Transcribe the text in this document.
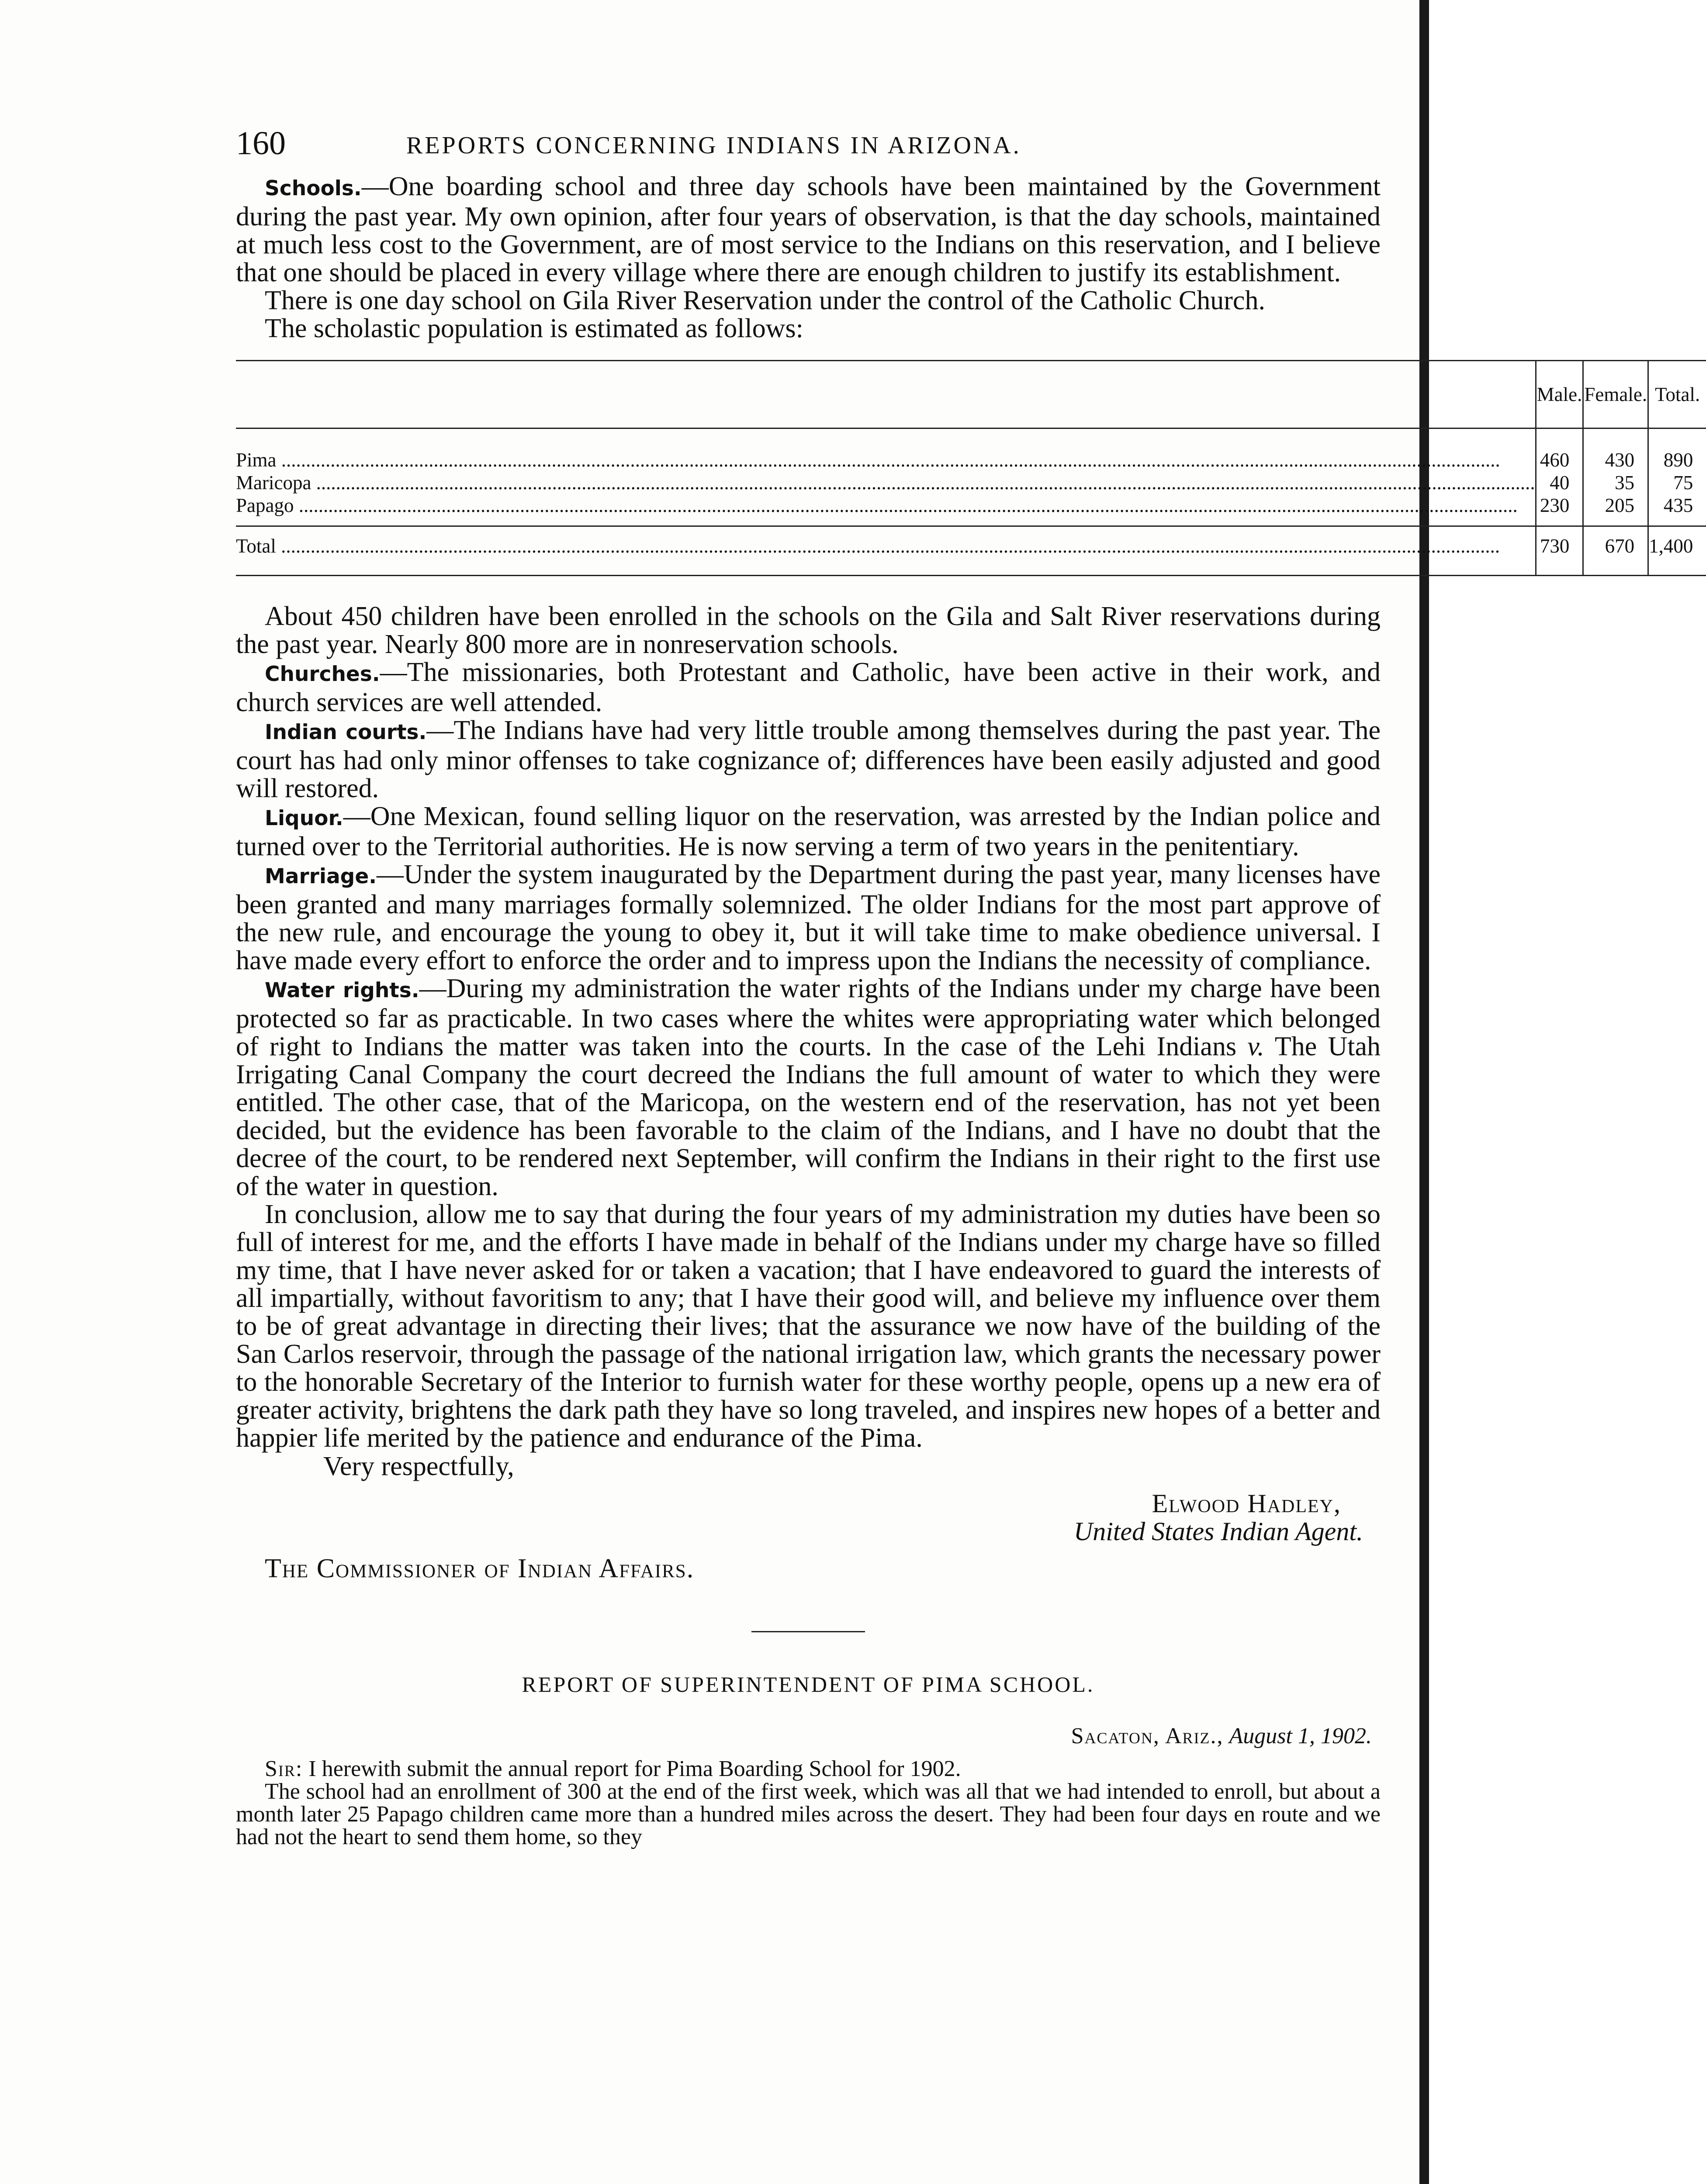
160	REPORTS CONCERNING INDIANS IN ARIZONA.

Schools.—One boarding school and three day schools have been maintained by the Government during the past year. My own opinion, after four years of observation, is that the day schools, maintained at much less cost to the Government, are of most service to the Indians on this reservation, and I believe that one should be placed in every village where there are enough children to justify its establishment.

There is one day school on Gila River Reservation under the control of the Catholic Church.

The scholastic population is estimated as follows:

	Male.	Female.	Total.
Pima .....	460	430	890
Maricopa .....	40	35	75
Papago .....	230	205	435
Total .....	730	670	1,400

About 450 children have been enrolled in the schools on the Gila and Salt River reservations during the past year. Nearly 800 more are in nonreservation schools.

Churches.—The missionaries, both Protestant and Catholic, have been active in their work, and church services are well attended.

Indian courts.—The Indians have had very little trouble among themselves during the past year. The court has had only minor offenses to take cognizance of; differences have been easily adjusted and good will restored.

Liquor.—One Mexican, found selling liquor on the reservation, was arrested by the Indian police and turned over to the Territorial authorities. He is now serving a term of two years in the penitentiary.

Marriage.—Under the system inaugurated by the Department during the past year, many licenses have been granted and many marriages formally solemnized. The older Indians for the most part approve of the new rule, and encourage the young to obey it, but it will take time to make obedience universal. I have made every effort to enforce the order and to impress upon the Indians the necessity of compliance.

Water rights.—During my administration the water rights of the Indians under my charge have been protected so far as practicable. In two cases where the whites were appropriating water which belonged of right to Indians the matter was taken into the courts. In the case of the Lehi Indians v. The Utah Irrigating Canal Company the court decreed the Indians the full amount of water to which they were entitled. The other case, that of the Maricopa, on the western end of the reservation, has not yet been decided, but the evidence has been favorable to the claim of the Indians, and I have no doubt that the decree of the court, to be rendered next September, will confirm the Indians in their right to the first use of the water in question.

In conclusion, allow me to say that during the four years of my administration my duties have been so full of interest for me, and the efforts I have made in behalf of the Indians under my charge have so filled my time, that I have never asked for or taken a vacation; that I have endeavored to guard the interests of all impartially, without favoritism to any; that I have their good will, and believe my influence over them to be of great advantage in directing their lives; that the assurance we now have of the building of the San Carlos reservoir, through the passage of the national irrigation law, which grants the necessary power to the honorable Secretary of the Interior to furnish water for these worthy people, opens up a new era of greater activity, brightens the dark path they have so long traveled, and inspires new hopes of a better and happier life merited by the patience and endurance of the Pima.

Very respectfully,
Elwood Hadley,
United States Indian Agent.
The Commissioner of Indian Affairs.
REPORT OF SUPERINTENDENT OF PIMA SCHOOL.
Sacaton, Ariz., August 1, 1902.

Sir: I herewith submit the annual report for Pima Boarding School for 1902.

The school had an enrollment of 300 at the end of the first week, which was all that we had intended to enroll, but about a month later 25 Papago children came more than a hundred miles across the desert. They had been four days en route and we had not the heart to send them home, so they
